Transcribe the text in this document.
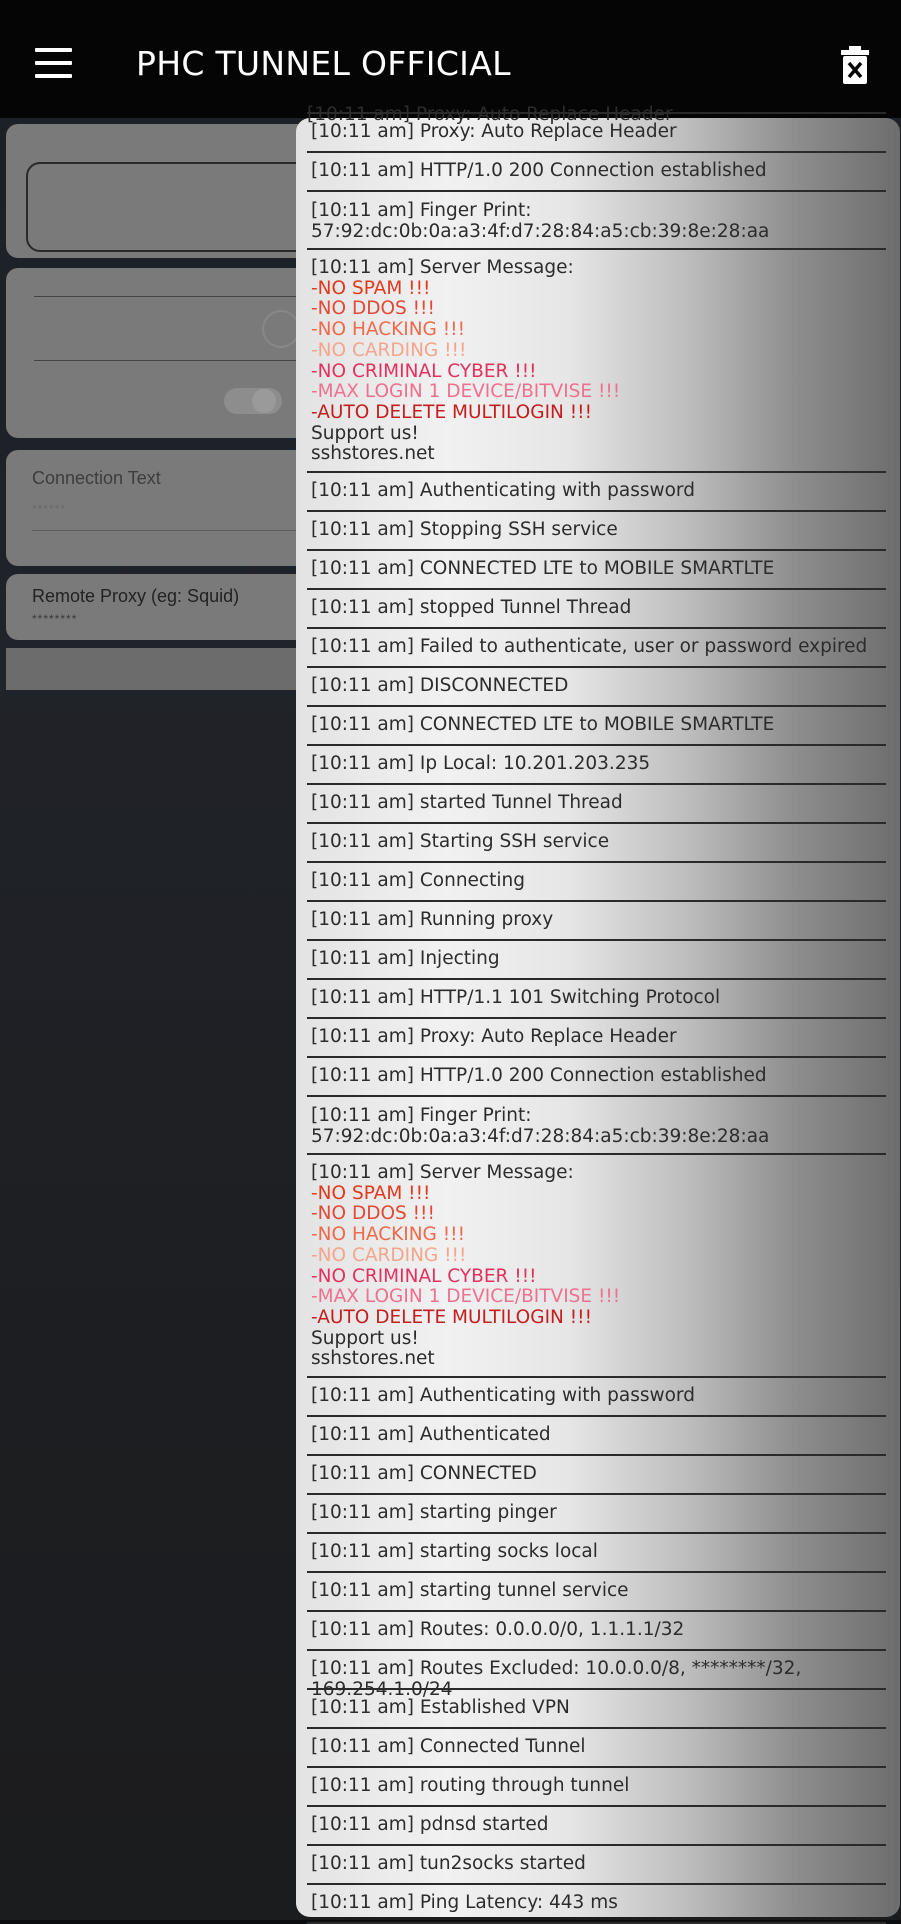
PHC TUNNEL OFFICIAL
Connection Text
******
Remote Proxy (eg: Squid)
********
[10:11 am] Proxy: Auto Replace Header
[10:11 am] Proxy: Auto Replace Header
[10:11 am] HTTP/1.0 200 Connection established
[10:11 am] Finger Print: 57:92:dc:0b:0a:a3:4f:d7:28:84:a5:cb:39:8e:28:aa
[10:11 am] Server Message:
-NO SPAM !!!
-NO DDOS !!!
-NO HACKING !!!
-NO CARDING !!!
-NO CRIMINAL CYBER !!!
-MAX LOGIN 1 DEVICE/BITVISE !!!
-AUTO DELETE MULTILOGIN !!!
Support us!
sshstores.net
[10:11 am] Authenticating with password
[10:11 am] Stopping SSH service
[10:11 am] CONNECTED LTE to MOBILE SMARTLTE
[10:11 am] stopped Tunnel Thread
[10:11 am] Failed to authenticate, user or password expired
[10:11 am] DISCONNECTED
[10:11 am] CONNECTED LTE to MOBILE SMARTLTE
[10:11 am] Ip Local: 10.201.203.235
[10:11 am] started Tunnel Thread
[10:11 am] Starting SSH service
[10:11 am] Connecting
[10:11 am] Running proxy
[10:11 am] Injecting
[10:11 am] HTTP/1.1 101 Switching Protocol
[10:11 am] Proxy: Auto Replace Header
[10:11 am] HTTP/1.0 200 Connection established
[10:11 am] Finger Print: 57:92:dc:0b:0a:a3:4f:d7:28:84:a5:cb:39:8e:28:aa
[10:11 am] Server Message:
-NO SPAM !!!
-NO DDOS !!!
-NO HACKING !!!
-NO CARDING !!!
-NO CRIMINAL CYBER !!!
-MAX LOGIN 1 DEVICE/BITVISE !!!
-AUTO DELETE MULTILOGIN !!!
Support us!
sshstores.net
[10:11 am] Authenticating with password
[10:11 am] Authenticated
[10:11 am] CONNECTED
[10:11 am] starting pinger
[10:11 am] starting socks local
[10:11 am] starting tunnel service
[10:11 am] Routes: 0.0.0.0/0, 1.1.1.1/32
[10:11 am] Routes Excluded: 10.0.0.0/8, ********/32, 169.254.1.0/24
[10:11 am] Established VPN
[10:11 am] Connected Tunnel
[10:11 am] routing through tunnel
[10:11 am] pdnsd started
[10:11 am] tun2socks started
[10:11 am] Ping Latency: 443 ms
